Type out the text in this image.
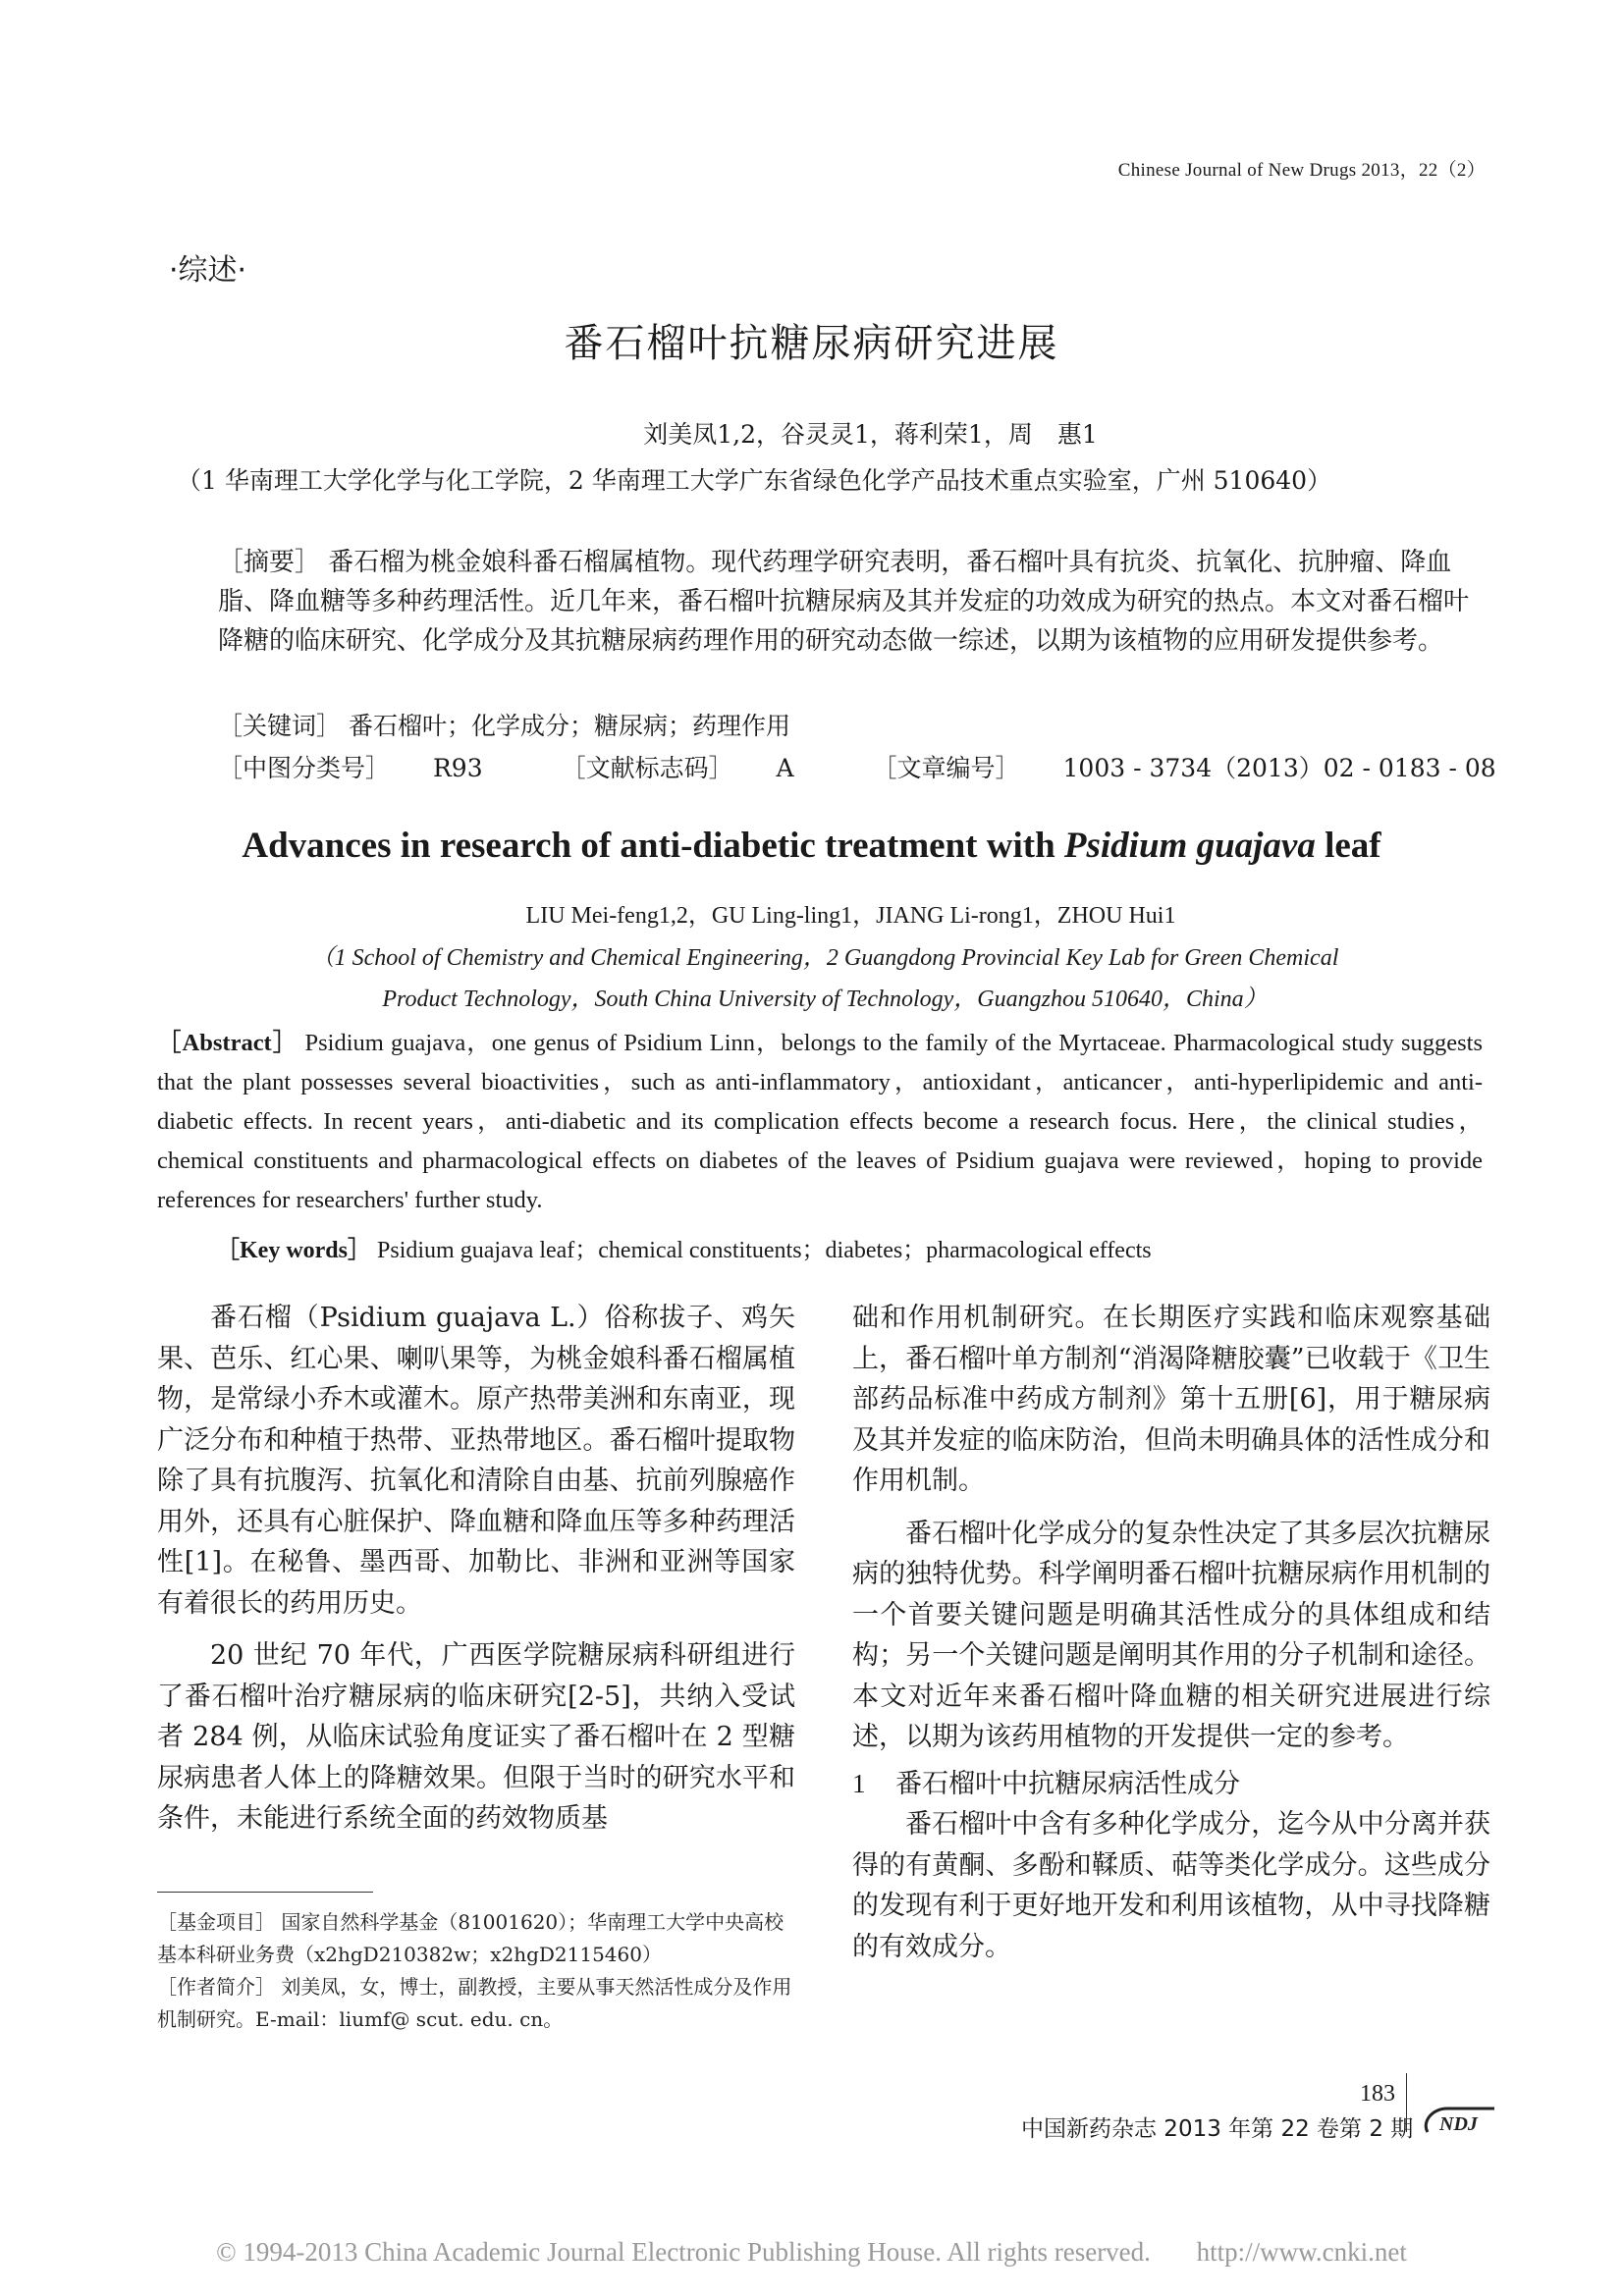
Chinese Journal of New Drugs 2013，22（2）
·综述·
番石榴叶抗糖尿病研究进展
刘美凤1,2，谷灵灵1，蒋利荣1，周　惠1
（1 华南理工大学化学与化工学院，2 华南理工大学广东省绿色化学产品技术重点实验室，广州 510640）
［摘要］ 番石榴为桃金娘科番石榴属植物。现代药理学研究表明，番石榴叶具有抗炎、抗氧化、抗肿瘤、降血脂、降血糖等多种药理活性。近几年来，番石榴叶抗糖尿病及其并发症的功效成为研究的热点。本文对番石榴叶降糖的临床研究、化学成分及其抗糖尿病药理作用的研究动态做一综述，以期为该植物的应用研发提供参考。
［关键词］ 番石榴叶；化学成分；糖尿病；药理作用
［中图分类号］ R93	［文献标志码］ A	［文章编号］ 1003 - 3734（2013）02 - 0183 - 08
Advances in research of anti-diabetic treatment with Psidium guajava leaf
LIU Mei-feng1,2，GU Ling-ling1，JIANG Li-rong1，ZHOU Hui1
（1 School of Chemistry and Chemical Engineering，2 Guangdong Provincial Key Lab for Green Chemical
Product Technology，South China University of Technology，Guangzhou 510640，China）
［Abstract］ Psidium guajava，one genus of Psidium Linn，belongs to the family of the Myrtaceae. Pharmacological study suggests that the plant possesses several bioactivities，such as anti-inflammatory，antioxidant，anticancer，anti-hyperlipidemic and anti-diabetic effects. In recent years，anti-diabetic and its complication effects become a research focus. Here，the clinical studies，chemical constituents and pharmacological effects on diabetes of the leaves of Psidium guajava were reviewed，hoping to provide references for researchers' further study.
［Key words］ Psidium guajava leaf；chemical constituents；diabetes；pharmacological effects

番石榴（Psidium guajava L.）俗称拔子、鸡矢果、芭乐、红心果、喇叭果等，为桃金娘科番石榴属植物，是常绿小乔木或灌木。原产热带美洲和东南亚，现广泛分布和种植于热带、亚热带地区。番石榴叶提取物除了具有抗腹泻、抗氧化和清除自由基、抗前列腺癌作用外，还具有心脏保护、降血糖和降血压等多种药理活性[1]。在秘鲁、墨西哥、加勒比、非洲和亚洲等国家有着很长的药用历史。

20 世纪 70 年代，广西医学院糖尿病科研组进行了番石榴叶治疗糖尿病的临床研究[2-5]，共纳入受试者 284 例，从临床试验角度证实了番石榴叶在 2 型糖尿病患者人体上的降糖效果。但限于当时的研究水平和条件，未能进行系统全面的药效物质基

础和作用机制研究。在长期医疗实践和临床观察基础上，番石榴叶单方制剂“消渴降糖胶囊”已收载于《卫生部药品标准中药成方制剂》第十五册[6]，用于糖尿病及其并发症的临床防治，但尚未明确具体的活性成分和作用机制。

番石榴叶化学成分的复杂性决定了其多层次抗糖尿病的独特优势。科学阐明番石榴叶抗糖尿病作用机制的一个首要关键问题是明确其活性成分的具体组成和结构；另一个关键问题是阐明其作用的分子机制和途径。本文对近年来番石榴叶降血糖的相关研究进展进行综述，以期为该药用植物的开发提供一定的参考。

1 番石榴叶中抗糖尿病活性成分

番石榴叶中含有多种化学成分，迄今从中分离并获得的有黄酮、多酚和鞣质、萜等类化学成分。这些成分的发现有利于更好地开发和利用该植物，从中寻找降糖的有效成分。

［基金项目］ 国家自然科学基金（81001620）；华南理工大学中央高校基本科研业务费（x2hgD210382w；x2hgD2115460）
［作者简介］ 刘美凤，女，博士，副教授，主要从事天然活性成分及作用机制研究。E-mail：liumf@ scut. edu. cn。
183
中国新药杂志 2013 年第 22 卷第 2 期 NDJ
© 1994-2013 China Academic Journal Electronic Publishing House. All rights reserved. http://www.cnki.net
